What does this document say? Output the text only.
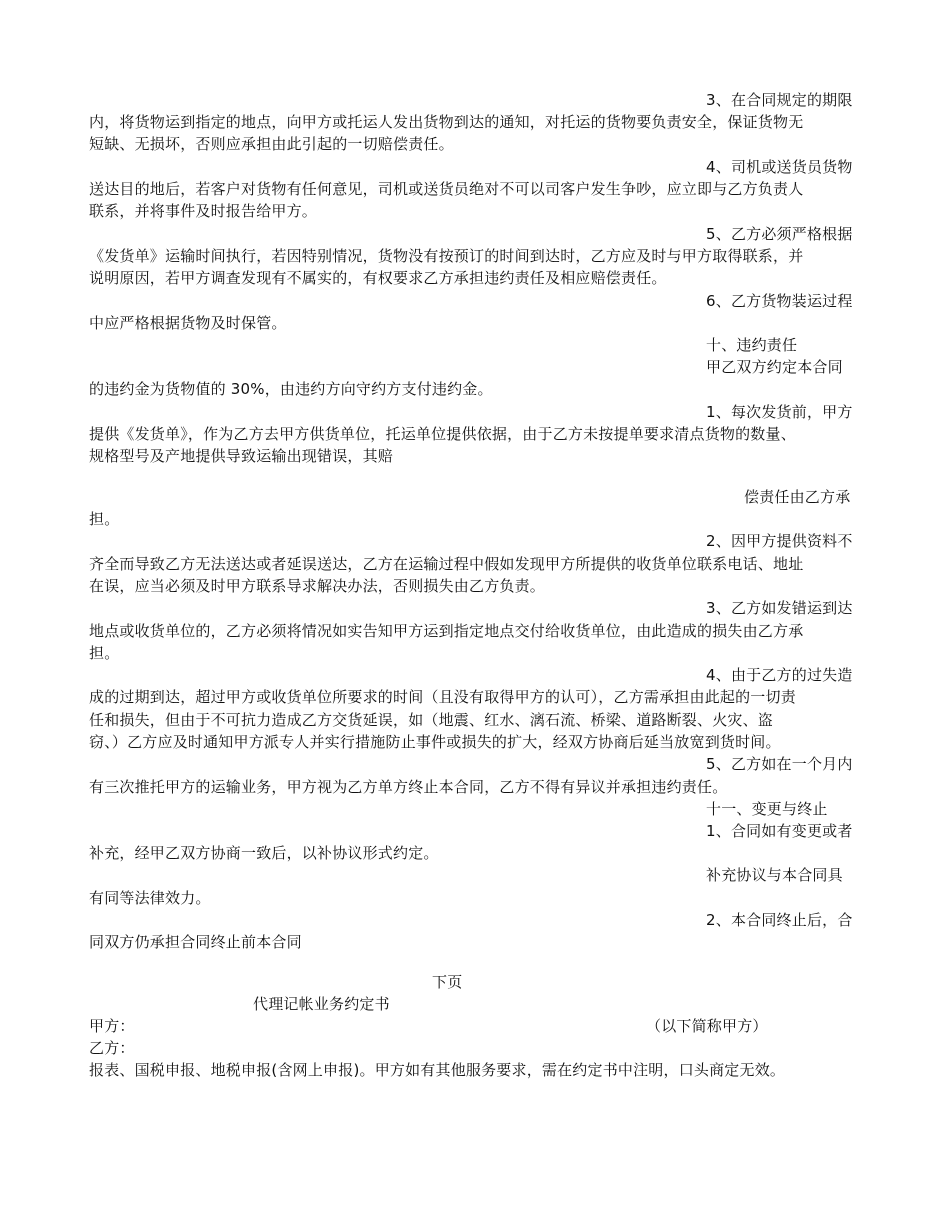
3、在合同规定的期限
内，将货物运到指定的地点，向甲方或托运人发出货物到达的通知，对托运的货物要负责安全，保证货物无
短缺、无损坏，否则应承担由此引起的一切赔偿责任。
4、司机或送货员货物
送达目的地后，若客户对货物有任何意见，司机或送货员绝对不可以司客户发生争吵，应立即与乙方负责人
联系，并将事件及时报告给甲方。
5、乙方必须严格根据
《发货单》运输时间执行，若因特别情况，货物没有按预订的时间到达时，乙方应及时与甲方取得联系，并
说明原因，若甲方调查发现有不属实的，有权要求乙方承担违约责任及相应赔偿责任。
6、乙方货物装运过程
中应严格根据货物及时保管。
十、违约责任
甲乙双方约定本合同
的违约金为货物值的 30%，由违约方向守约方支付违约金。
1、每次发货前，甲方
提供《发货单》，作为乙方去甲方供货单位，托运单位提供依据，由于乙方未按提单要求清点货物的数量、
规格型号及产地提供导致运输出现错误，其赔
偿责任由乙方承
担。
2、因甲方提供资料不
齐全而导致乙方无法送达或者延误送达，乙方在运输过程中假如发现甲方所提供的收货单位联系电话、地址
在误，应当必须及时甲方联系导求解决办法，否则损失由乙方负责。
3、乙方如发错运到达
地点或收货单位的，乙方必须将情况如实告知甲方运到指定地点交付给收货单位，由此造成的损失由乙方承
担。
4、由于乙方的过失造
成的过期到达，超过甲方或收货单位所要求的时间（且没有取得甲方的认可），乙方需承担由此起的一切责
任和损失，但由于不可抗力造成乙方交货延误，如（地震、红水、漓石流、桥梁、道路断裂、火灾、盗
窃、）乙方应及时通知甲方派专人并实行措施防止事件或损失的扩大，经双方协商后延当放宽到货时间。
5、乙方如在一个月内
有三次推托甲方的运输业务，甲方视为乙方单方终止本合同，乙方不得有异议并承担违约责任。
十一、变更与终止
1、合同如有变更或者
补充，经甲乙双方协商一致后，以补协议形式约定。
补充协议与本合同具
有同等法律效力。
2、本合同终止后，合
同双方仍承担合同终止前本合同
下页
代理记帐业务约定书
甲方：	（以下简称甲方）
乙方：
报表、国税申报、地税申报(含网上申报)。甲方如有其他服务要求，需在约定书中注明，口头商定无效。
